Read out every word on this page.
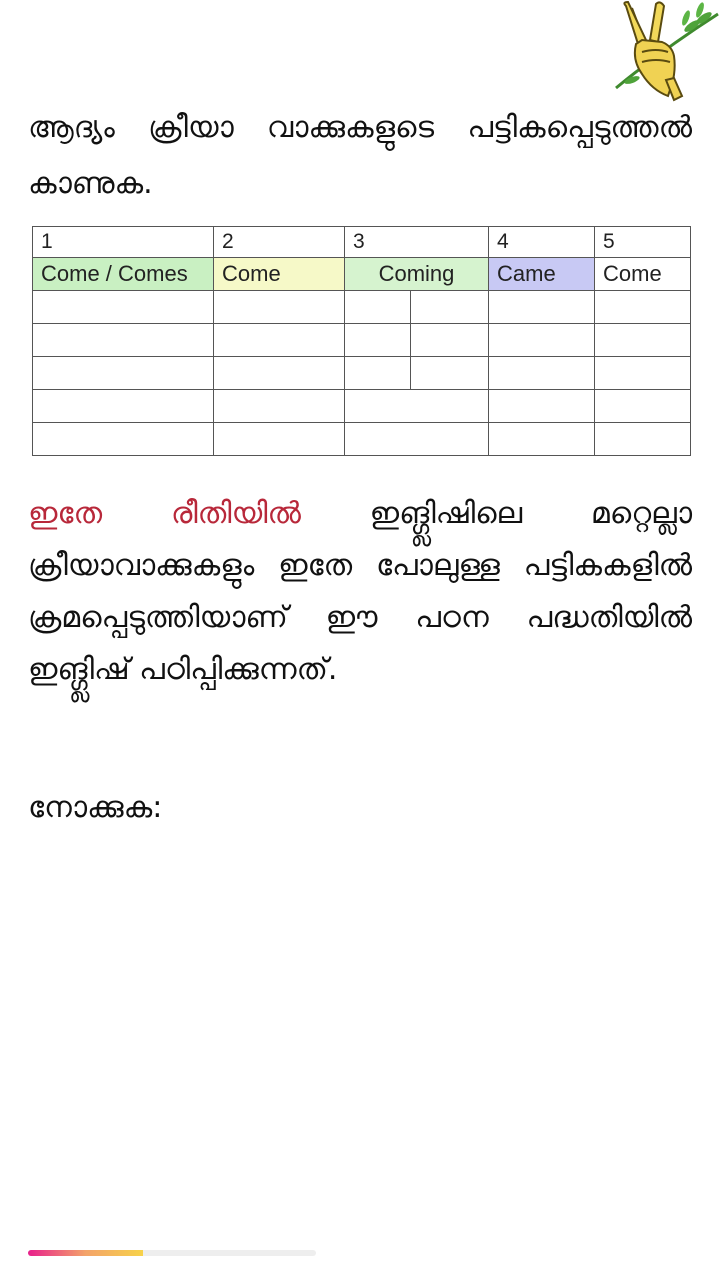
ആദ്യം ക്രീയാ വാക്കുകളുടെ പട്ടികപ്പെടുത്തൽ കാണുക.
1	2	3		4	5
Come / Comes	Come	Coming		Came	Come

ഇതേ രീതിയിൽ ഇങ്ഗ്ലിഷിലെ മറ്റെല്ലാ ക്രീയാവാക്കുകളും ഇതേ പോലുള്ള പട്ടികകളിൽ ക്രമപ്പെടുത്തിയാണ് ഈ പഠന പദ്ധതിയിൽ ഇങ്ഗ്ലിഷ് പഠിപ്പിക്കുന്നത്.
നോക്കുക:
